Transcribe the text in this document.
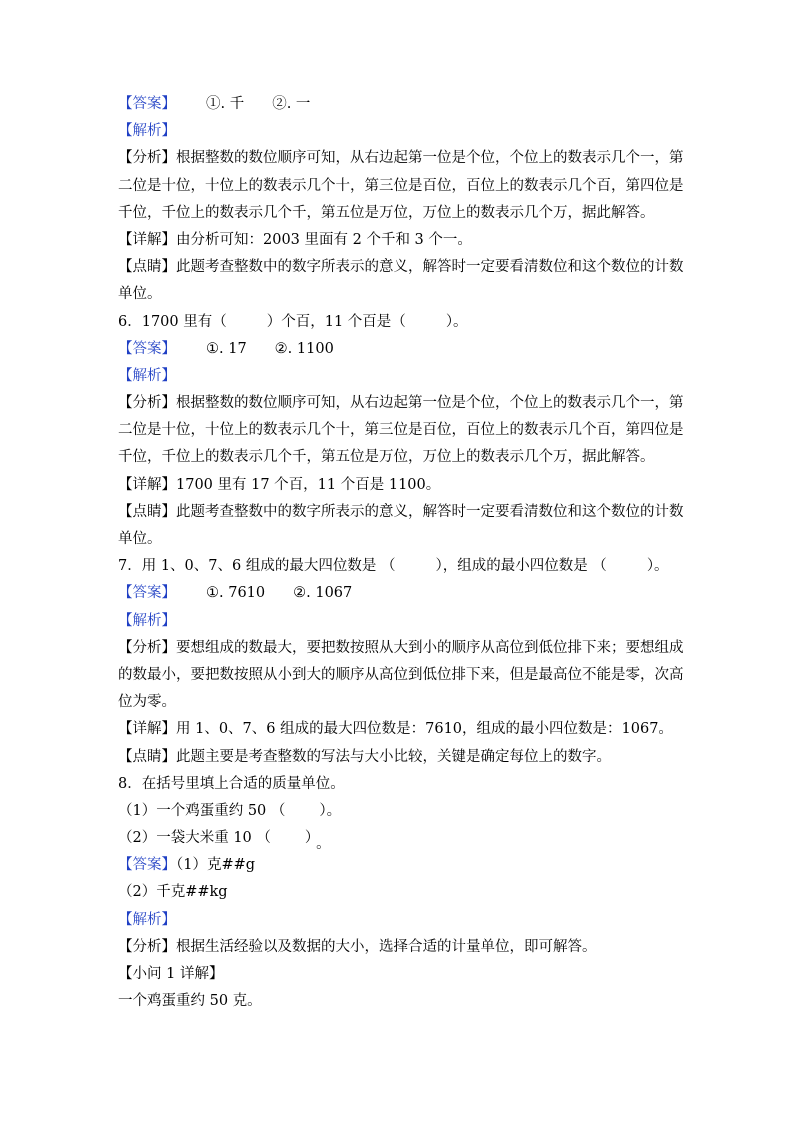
【答案】 ①. 千 ②. 一
【解析】
【分析】根据整数的数位顺序可知，从右边起第一位是个位，个位上的数表示几个一，第
二位是十位，十位上的数表示几个十，第三位是百位，百位上的数表示几个百，第四位是
千位，千位上的数表示几个千，第五位是万位，万位上的数表示几个万，据此解答。
【详解】由分析可知：2003 里面有 2 个千和 3 个一。
【点睛】此题考查整数中的数字所表示的意义，解答时一定要看清数位和这个数位的计数
单位。
6．1700 里有（	）个百，11 个百是（	）。
【答案】 ①. 17 ②. 1100
【解析】
【分析】根据整数的数位顺序可知，从右边起第一位是个位，个位上的数表示几个一，第
二位是十位，十位上的数表示几个十，第三位是百位，百位上的数表示几个百，第四位是
千位，千位上的数表示几个千，第五位是万位，万位上的数表示几个万，据此解答。
【详解】1700 里有 17 个百，11 个百是 1100。
【点睛】此题考查整数中的数字所表示的意义，解答时一定要看清数位和这个数位的计数
单位。
7．用 1、0、7、6 组成的最大四位数是 （	），组成的最小四位数是 （	）。
【答案】 ①. 7610 ②. 1067
【解析】
【分析】要想组成的数最大，要把数按照从大到小的顺序从高位到低位排下来；要想组成
的数最小，要把数按照从小到大的顺序从高位到低位排下来，但是最高位不能是零，次高
位为零。
【详解】用 1、0、7、6 组成的最大四位数是：7610，组成的最小四位数是：1067。
【点睛】此题主要是考查整数的写法与大小比较，关键是确定每位上的数字。
8．在括号里填上合适的质量单位。
（1）一个鸡蛋重约 50 （ ）。
（2）一袋大米重 10 （ ） 。
【答案】（1）克##g
（2）千克##kg
【解析】
【分析】根据生活经验以及数据的大小，选择合适的计量单位，即可解答。
【小问 1 详解】
一个鸡蛋重约 50 克。
